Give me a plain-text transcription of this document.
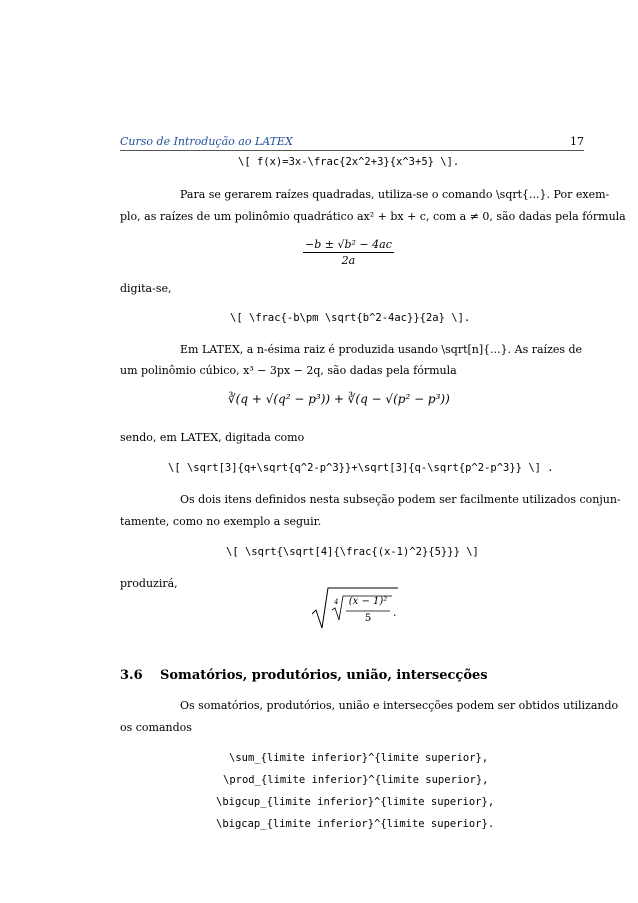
Curso de Introdução ao LATEX	17
\[ f(x)=3x-\frac{2x^2+3}{x^3+5} \].
Para se gerarem raízes quadradas, utiliza-se o comando \sqrt{...}. Por exem-
plo, as raízes de um polinômio quadrático ax² + bx + c, com a ≠ 0, são dadas pela fórmula
$\frac{\text{−b ± √b² − 4ac}}{2a}$
digita-se,
\[ \frac{-b\pm \sqrt{b^2-4ac}}{2a} \].
Em LATEX, a n-ésima raiz é produzida usando \sqrt[n]{...}. As raízes de
um polinômio cúbico, x³ − 3px − 2q, são dadas pela fórmula
∛(q + √(q² − p³)) + ∛(q − √(p² − p³))
sendo, em LATEX, digitada como
\[ \sqrt[3]{q+\sqrt{q^2-p^3}}+\sqrt[3]{q-\sqrt{p^2-p^3}} \] .
Os dois itens definidos nesta subseção podem ser facilmente utilizados conjun-
tamente, como no exemplo a seguir.
\[ \sqrt{\sqrt[4]{\frac{(x-1)^2}{5}}} \]
produzirá,
4 (x − 1)²
5	.
3.6 Somatórios, produtórios, união, intersecções
Os somatórios, produtórios, união e intersecções podem ser obtidos utilizando
os comandos
\sum_{limite inferior}^{limite superior},
\prod_{limite inferior}^{limite superior},
\bigcup_{limite inferior}^{limite superior},
\bigcap_{limite inferior}^{limite superior}.
